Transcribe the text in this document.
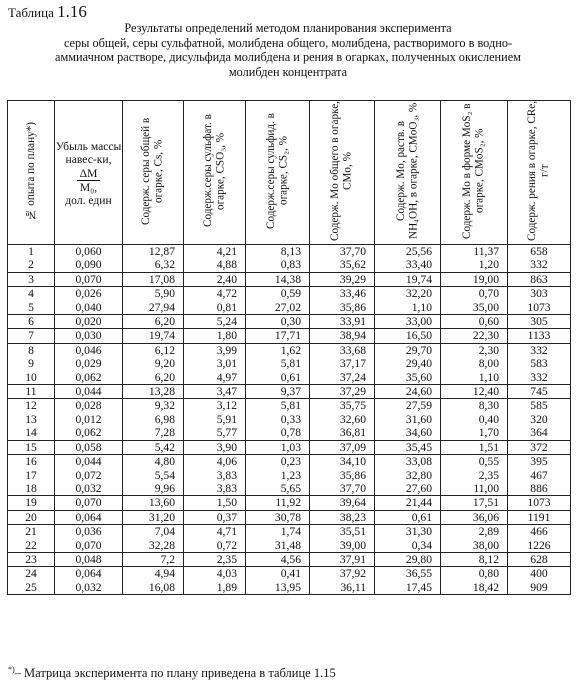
Таблица 1.16
Результаты определений методом планирования эксперимента
серы общей, серы сульфатной, молибдена общего, молибдена, растворимого в водно-
аммиачном растворе, дисульфида молибдена и рения в огарках, полученных окислением
молибден концентрата
№ опыта по плану*)	Убыль массы навес-ки,
ΔM
M₀,
дол. един	Содерж. серы общей в огарке, Cs, %	Содерж.серы сульфат. в огарке, CSO₃, %	Содерж.серы сульфид. в огарке, CS₂, %	Содерж. Mo общего в огарке, CMo, %	Содерж. Mo, раств. в NH₄OH, в огарке, CMoO₃, %	Содерж. Mo в форме MoS₂ в огарке, CMoS₂, %	Содерж. рения в огарке, CRe, г/т
1	0,060	12,87	4,21	8,13	37,70	25,56	11,37	658
2	0,090	6,32	4,88	0,83	35,62	33,40	1,20	332
3	0,070	17,08	2,40	14,38	39,29	19,74	19,00	863
4	0,026	5,90	4,72	0,59	33,46	32,20	0,70	303
5	0,040	27,94	0,81	27,02	35,86	1,10	35,00	1073
6	0,020	6,20	5,24	0,30	33,91	33,00	0,60	305
7	0,030	19,74	1,80	17,71	38,94	16,50	22,30	1133
8	0,046	6,12	3,99	1,62	33,68	29,70	2,30	332
9	0,029	9,20	3,01	5,81	37,17	29,40	8,00	583
10	0,062	6,20	4,97	0,61	37,24	35,60	1,10	332
11	0,044	13,28	3,47	9,37	37,29	24,60	12,40	745
12	0,028	9,32	3,12	5,81	35,75	27,59	8,30	585
13	0,012	6,98	5,91	0,33	32,60	31,60	0,40	320
14	0,062	7,28	5,77	0,78	36,81	34,60	1,70	364
15	0,058	5,42	3,90	1,03	37,09	35,45	1,51	372
16	0,044	4,80	4,06	0,23	34,10	33,08	0,55	395
17	0,072	5,54	3,83	1,23	35,86	32,80	2,35	467
18	0,032	9,96	3,83	5,65	37,70	27,60	11,00	886
19	0,070	13,60	1,50	11,92	39,64	21,44	17,51	1073
20	0,064	31,20	0,37	30,78	38,23	0,61	36,06	1191
21	0,036	7,04	4,71	1,74	35,51	31,30	2,89	466
22	0,070	32,28	0,72	31,48	39,00	0,34	38,00	1226
23	0,048	7,2	2,35	4,56	37,91	29,80	8,12	628
24	0,064	4,94	4,03	0,41	37,92	36,55	0,80	400
25	0,032	16,08	1,89	13,95	36,11	17,45	18,42	909
*)– Матрица эксперимента по плану приведена в таблице 1.15
